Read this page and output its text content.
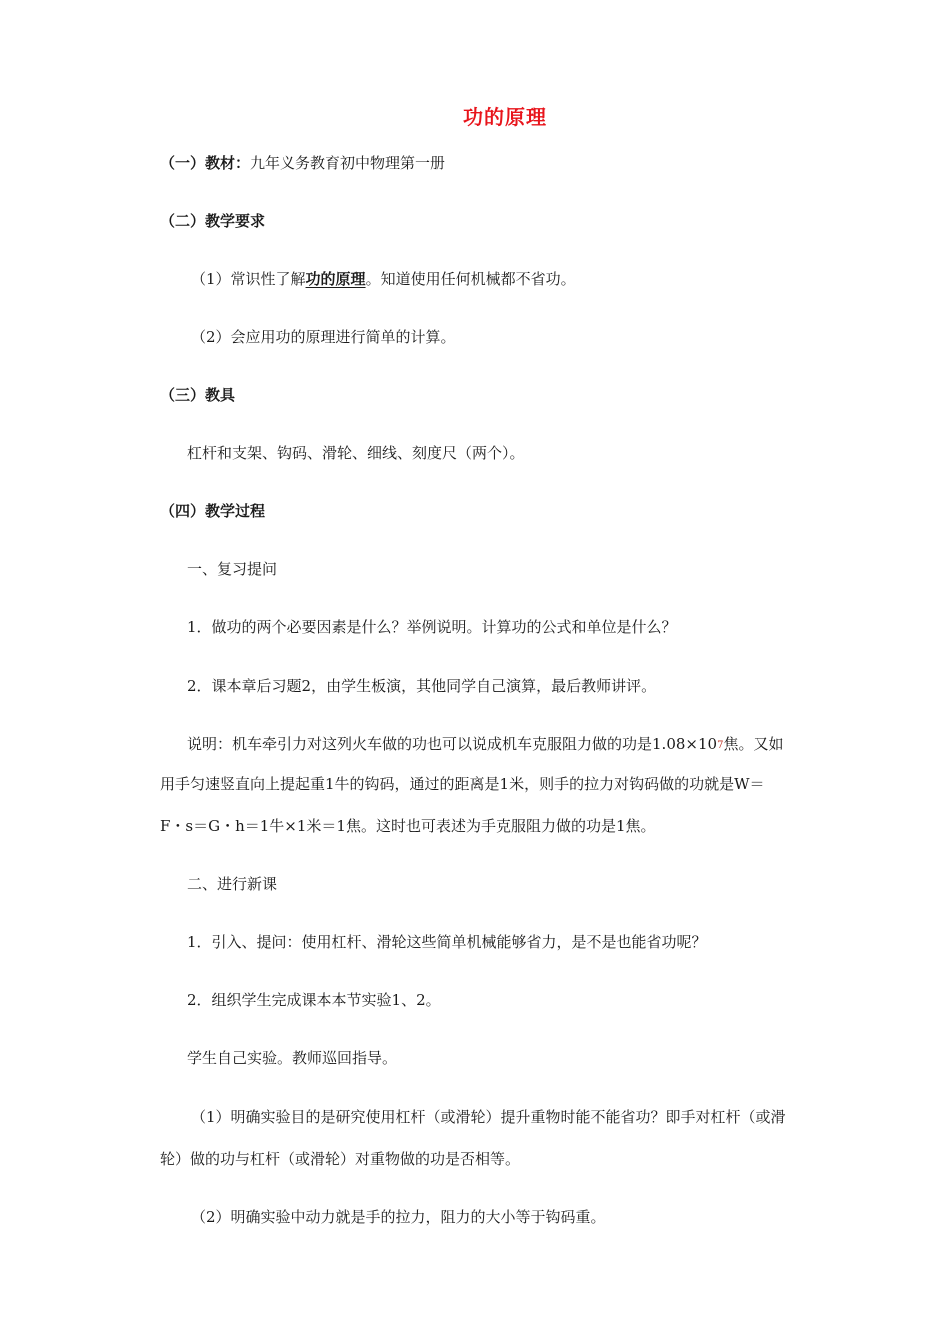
功的原理
（一）教材：九年义务教育初中物理第一册
（二）教学要求
（1）常识性了解功的原理。知道使用任何机械都不省功。
（2）会应用功的原理进行简单的计算。
（三）教具
杠杆和支架、钩码、滑轮、细线、刻度尺（两个）。
（四）教学过程
一、复习提问
1．做功的两个必要因素是什么？举例说明。计算功的公式和单位是什么？
2．课本章后习题2，由学生板演，其他同学自己演算，最后教师讲评。
说明：机车牵引力对这列火车做的功也可以说成机车克服阻力做的功是1.08×107焦。又如
用手匀速竖直向上提起重1牛的钩码，通过的距离是1米，则手的拉力对钩码做的功就是W＝
F・s＝G・h＝1牛×1米＝1焦。这时也可表述为手克服阻力做的功是1焦。
二、进行新课
1．引入、提问：使用杠杆、滑轮这些简单机械能够省力，是不是也能省功呢？
2．组织学生完成课本本节实验1、2。
学生自己实验。教师巡回指导。
（1）明确实验目的是研究使用杠杆（或滑轮）提升重物时能不能省功？即手对杠杆（或滑
轮）做的功与杠杆（或滑轮）对重物做的功是否相等。
（2）明确实验中动力就是手的拉力，阻力的大小等于钩码重。
